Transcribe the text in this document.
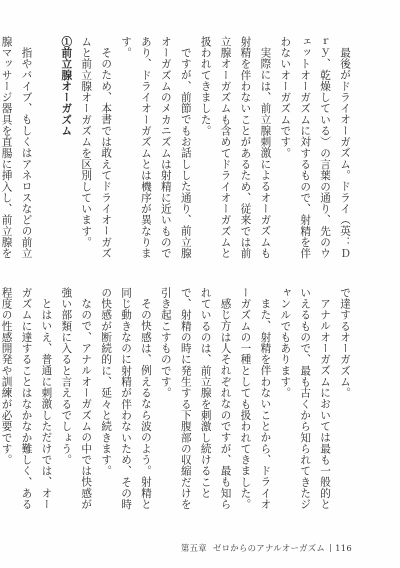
最後がドライオーガズム。ドライ（英：Ｄｒｙ、乾燥している）の言葉の通り、先のウェットオーガズムに対するもので、射精を伴わないオーガズムです。

実際には、前立腺刺激によるオーガズムも射精を伴わないことがあるため、従来では前立腺オーガズムも含めてドライオーガズムと扱われてきました。

ですが、前節でもお話しした通り、前立腺オーガズムのメカニズムは射精に近いものであり、ドライオーガズムとは機序が異なります。

そのため、本書では敢えてドライオーガズムと前立腺オーガズムを区別しています。

①前立腺オーガズム

指やバイブ、もしくはアネロスなどの前立腺マッサージ器具を直腸に挿入し、前立腺を

で達するオーガズム。

アナルオーガズムにおいては最も一般的といえるもので、最も古くから知られてきたジャンルでもあります。

また、射精を伴わないことから、ドライオーガズムの一種としても扱われてきました。

感じ方は人それぞれなのですが、最も知られているのは、前立腺を刺激し続けることで、射精の時に発生する下腹部の収縮だけを引き起こすものです。

その快感は、例えるなら波のよう。射精と同じ動きなのに射精が伴わないため、その時の快感が断続的に、延々と続きます。

なので、アナルオーガズムの中では快感が強い部類に入ると言えるでしょう。

とはいえ、普通に刺激しただけでは、オーガズムに達することはなかなか難しく、ある程度の性感開発や訓練が必要です。

第五章 ゼロからのアナルオーガズム 116
